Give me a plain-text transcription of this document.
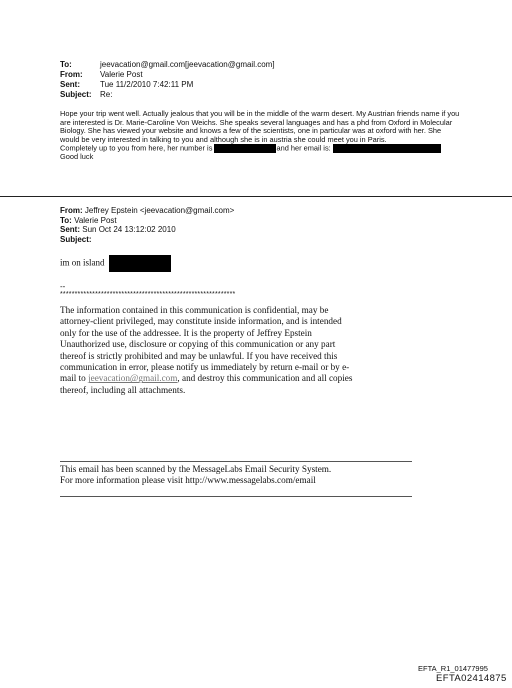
To:	jeevacation@gmail.com[jeevacation@gmail.com]
From:	Valerie Post
Sent:	Tue 11/2/2010 7:42:11 PM
Subject:	Re:

Hope your trip went well. Actually jealous that you will be in the middle of the warm desert. My Austrian friends name if you are interested is Dr. Marie-Caroline Von Weichs. She speaks several languages and has a phd from Oxford in Molecular Biology. She has viewed your website and knows a few of the scientists, one in particular was at oxford with her. She would be very interested in talking to you and although she is in austria she could meet you in Paris.

Completely up to you from here, her number is	and her email is:

Good luck

From: Jeffrey Epstein <jeevacation@gmail.com>
To: Valerie Post
Sent: Sun Oct 24 13:12:02 2010
Subject:
im on island
--
************************************************************
The information contained in this communication is confidential, may be attorney-client privileged, may constitute inside information, and is intended only for the use of the addressee. It is the property of Jeffrey Epstein
Unauthorized use, disclosure or copying of this communication or any part thereof is strictly prohibited and may be unlawful. If you have received this communication in error, please notify us immediately by return e-mail or by e-mail to jeevacation@gmail.com, and destroy this communication and all copies thereof, including all attachments.
This email has been scanned by the MessageLabs Email Security System.
For more information please visit http://www.messagelabs.com/email
EFTA_R1_01477995
EFTA02414875
